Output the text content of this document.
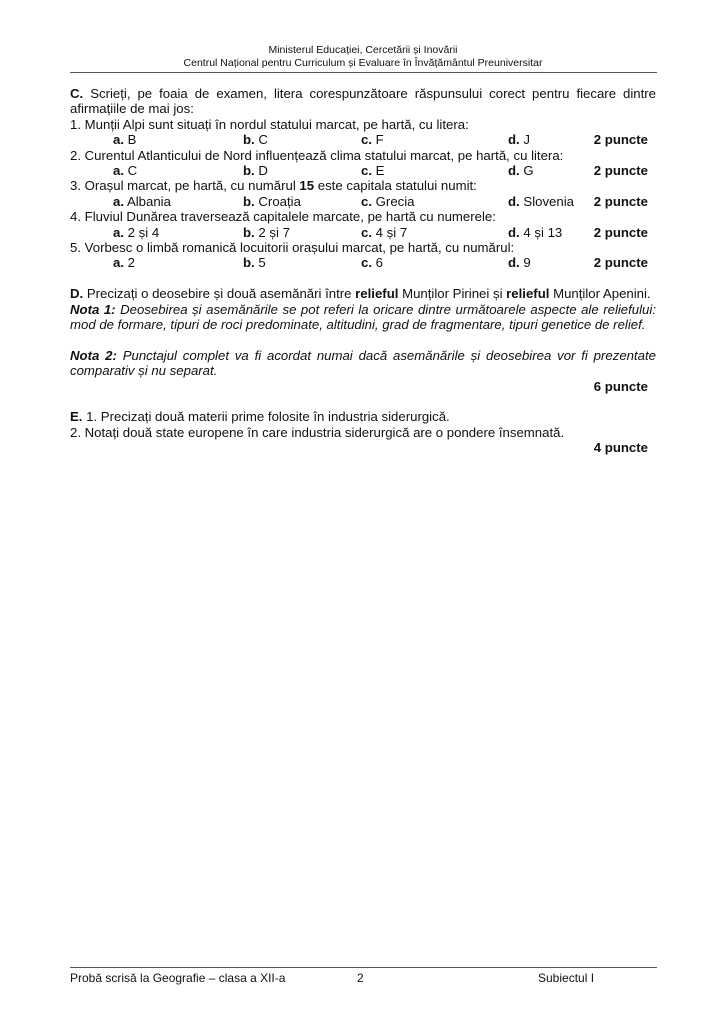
Ministerul Educației, Cercetării și Inovării
Centrul Național pentru Curriculum și Evaluare în Învățământul Preuniversitar
C. Scrieți, pe foaia de examen, litera corespunzătoare răspunsului corect pentru fiecare dintre afirmațiile de mai jos:
1. Munții Alpi sunt situați în nordul statului marcat, pe hartă, cu litera:
a. B	b. C	c. F	d. J	2 puncte
2. Curentul Atlanticului de Nord influențează clima statului marcat, pe hartă, cu litera:
a. C	b. D	c. E	d. G	2 puncte
3. Orașul marcat, pe hartă, cu numărul 15 este capitala statului numit:
a. Albania	b. Croația	c. Grecia	d. Slovenia 2 puncte
4. Fluviul Dunărea traversează capitalele marcate, pe hartă cu numerele:
a. 2 și 4	b. 2 și 7	c. 4 și 7	d. 4 și 13 2 puncte
5. Vorbesc o limbă romanică locuitorii orașului marcat, pe hartă, cu numărul:
a. 2	b. 5	c. 6	d. 9	2 puncte
D. Precizați o deosebire și două asemănări între relieful Munților Pirinei și relieful Munților Apenini.
Nota 1: Deosebirea și asemănările se pot referi la oricare dintre următoarele aspecte ale reliefului: mod de formare, tipuri de roci predominate, altitudini, grad de fragmentare, tipuri genetice de relief.
Nota 2: Punctajul complet va fi acordat numai dacă asemănările și deosebirea vor fi prezentate comparativ și nu separat.
6 puncte
E. 1. Precizați două materii prime folosite în industria siderurgică.
2. Notați două state europene în care industria siderurgică are o pondere însemnată.
4 puncte
Probă scrisă la Geografie – clasa a XII-a	2	Subiectul I
